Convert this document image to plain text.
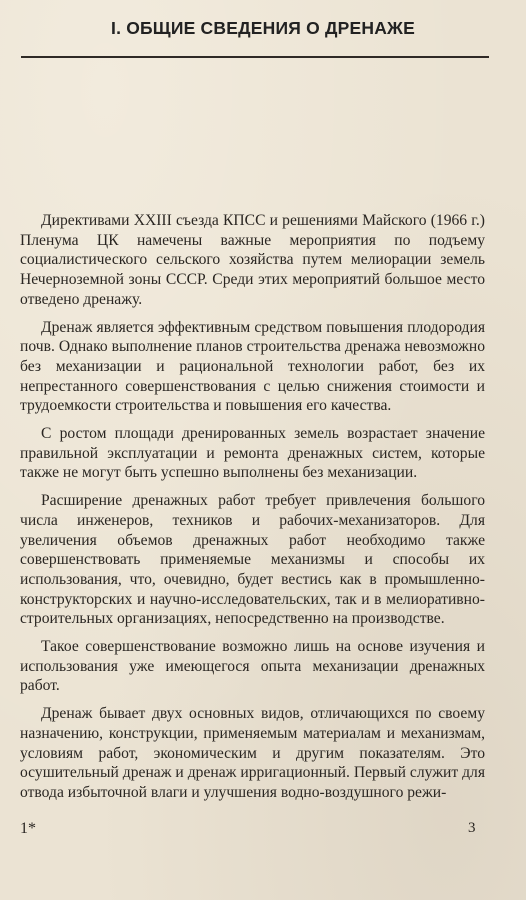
I. ОБЩИЕ СВЕДЕНИЯ О ДРЕНАЖЕ

Директивами XXIII съезда КПСС и решениями Майского (1966 г.) Пленума ЦК намечены важные мероприятия по подъему социалистического сельского хозяйства путем мелиорации земель Нечерноземной зоны СССР. Среди этих мероприятий большое место отведено дренажу.

Дренаж является эффективным средством повышения плодородия почв. Однако выполнение планов строительства дренажа невозможно без механизации и рациональной технологии работ, без их непрестанного совершенствования с целью снижения стоимости и трудоемкости строительства и повышения его качества.

С ростом площади дренированных земель возрастает значение правильной эксплуатации и ремонта дренажных систем, которые также не могут быть успешно выполнены без механизации.

Расширение дренажных работ требует привлечения большого числа инженеров, техников и рабочих-механизаторов. Для увеличения объемов дренажных работ необходимо также совершенствовать применяемые механизмы и способы их использования, что, очевидно, будет вестись как в промышленно-конструкторских и научно-исследовательских, так и в мелиоративно-строительных организациях, непосредственно на производстве.

Такое совершенствование возможно лишь на основе изучения и использования уже имеющегося опыта механизации дренажных работ.

Дренаж бывает двух основных видов, отличающихся по своему назначению, конструкции, применяемым материалам и механизмам, условиям работ, экономическим и другим показателям. Это осушительный дренаж и дренаж ирригационный. Первый служит для отвода избыточной влаги и улучшения водно-воздушного режи-

1*	3
